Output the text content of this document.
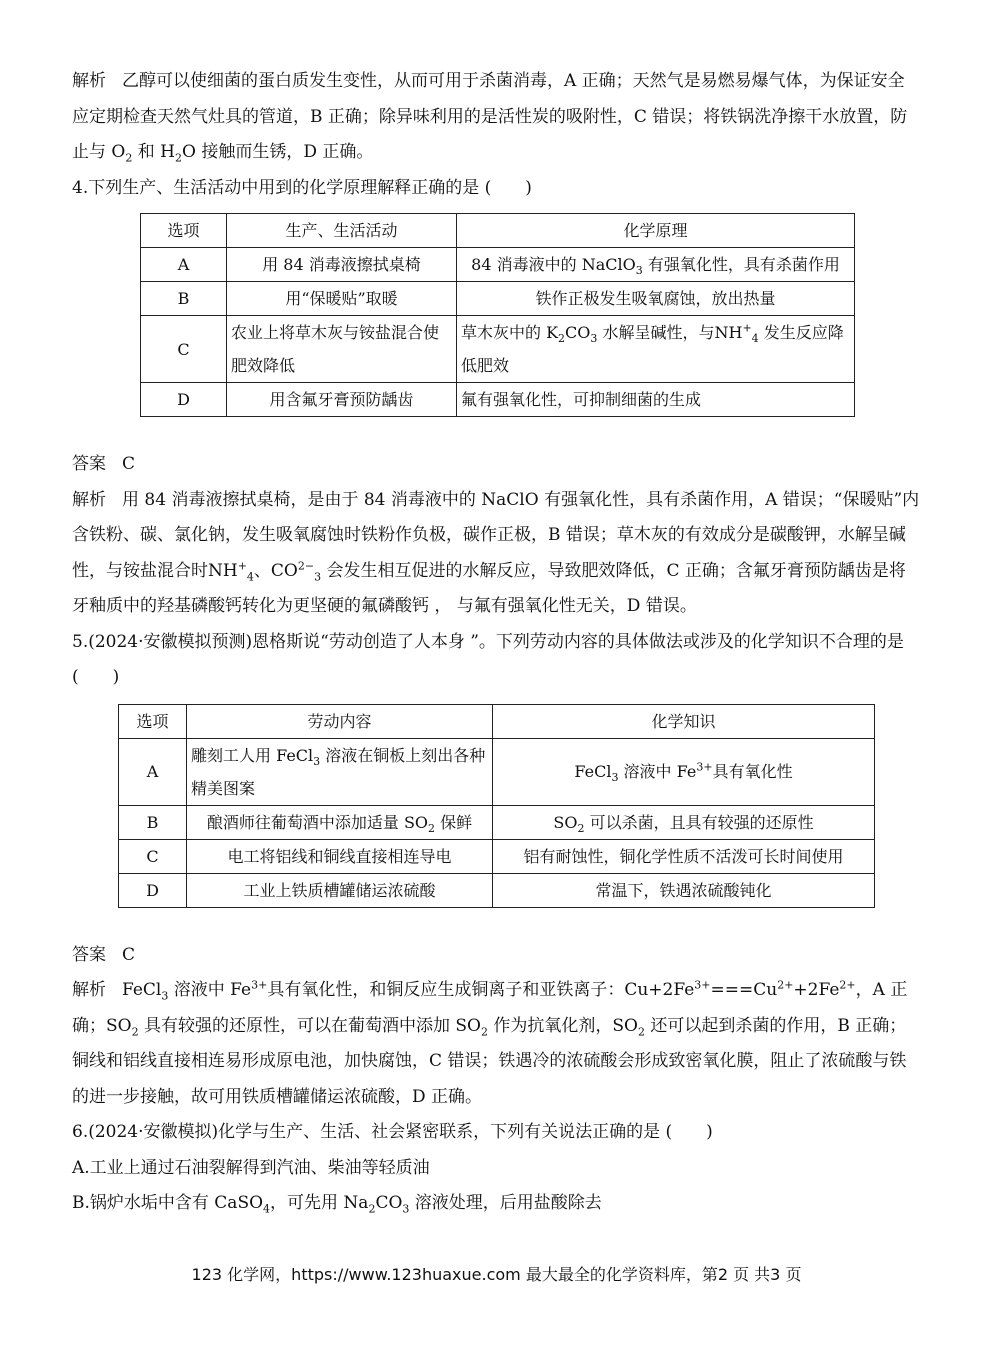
解析 乙醇可以使细菌的蛋白质发生变性，从而可用于杀菌消毒，A 正确；天然气是易燃易爆气体，为保证安全应定期检查天然气灶具的管道，B 正确；除异味利用的是活性炭的吸附性，C 错误；将铁锅洗净擦干水放置，防止与 $O_2$ 和 $H_2O$ 接触而生锈，D 正确。

4.下列生产、生活活动中用到的化学原理解释正确的是 (　　)

选项	生产、生活活动	化学原理
A	用 84 消毒液擦拭桌椅	84 消毒液中的 NaClO$_3$ 有强氧化性，具有杀菌作用
B	用“保暖贴”取暖	铁作正极发生吸氧腐蚀，放出热量
C	农业上将草木灰与铵盐混合使肥效降低	草木灰中的 $K_2CO_3$ 水解呈碱性，与$NH^+_4$ 发生反应降低肥效
D	用含氟牙膏预防龋齿	氟有强氧化性，可抑制细菌的生成

答案 C

解析 用 84 消毒液擦拭桌椅，是由于 84 消毒液中的 NaClO 有强氧化性，具有杀菌作用，A 错误；“保暖贴”内含铁粉、碳、氯化钠，发生吸氧腐蚀时铁粉作负极，碳作正极，B 错误；草木灰的有效成分是碳酸钾，水解呈碱性，与铵盐混合时$NH^+_4$、$CO^{2-}_3$ 会发生相互促进的水解反应，导致肥效降低，C 正确；含氟牙膏预防龋齿是将牙釉质中的羟基磷酸钙转化为更坚硬的氟磷酸钙 ， 与氟有强氧化性无关，D 错误。

5.(2024·安徽模拟预测)恩格斯说“劳动创造了人本身 ”。下列劳动内容的具体做法或涉及的化学知识不合理的是(　　)

选项	劳动内容	化学知识
A	雕刻工人用 FeCl$_3$ 溶液在铜板上刻出各种精美图案	FeCl$_3$ 溶液中 $Fe^{3+}$具有氧化性
B	酿酒师往葡萄酒中添加适量 $SO_2$ 保鲜	$SO_2$ 可以杀菌，且具有较强的还原性
C	电工将铝线和铜线直接相连导电	铝有耐蚀性，铜化学性质不活泼可长时间使用
D	工业上铁质槽罐储运浓硫酸	常温下，铁遇浓硫酸钝化

答案 C

解析 FeCl$_3$ 溶液中 $Fe^{3+}$具有氧化性，和铜反应生成铜离子和亚铁离子：$Cu+2Fe^{3+}===Cu^{2+}+2Fe^{2+}$，A 正确；$SO_2$ 具有较强的还原性，可以在葡萄酒中添加 $SO_2$ 作为抗氧化剂，$SO_2$ 还可以起到杀菌的作用，B 正确；铜线和铝线直接相连易形成原电池，加快腐蚀，C 错误；铁遇冷的浓硫酸会形成致密氧化膜，阻止了浓硫酸与铁的进一步接触，故可用铁质槽罐储运浓硫酸，D 正确。

6.(2024·安徽模拟)化学与生产、生活、社会紧密联系，下列有关说法正确的是 (　　)

A.工业上通过石油裂解得到汽油、柴油等轻质油

B.锅炉水垢中含有 CaSO$_4$，可先用 $Na_2CO_3$ 溶液处理，后用盐酸除去

123 化学网，https://www.123huaxue.com 最大最全的化学资料库，第2 页 共3 页
